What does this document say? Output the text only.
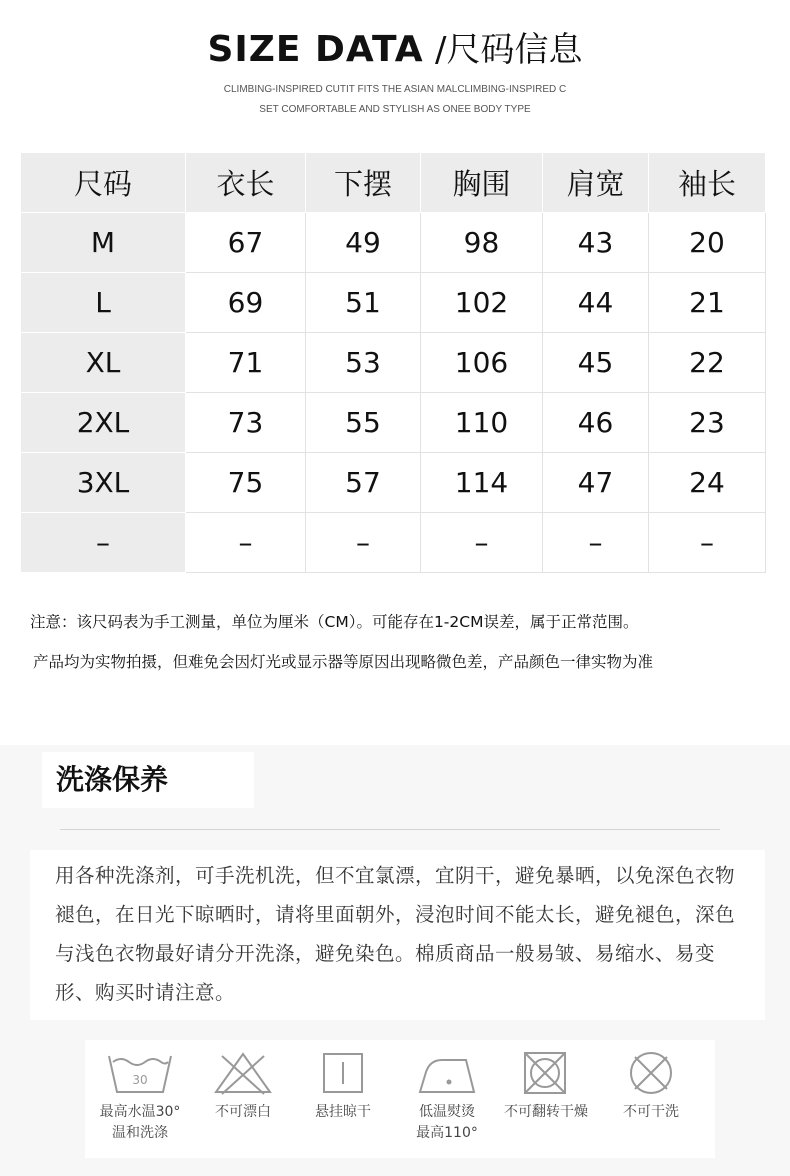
SIZE DATA /尺码信息
CLIMBING-INSPIRED CUTIT FITS THE ASIAN MALCLIMBING-INSPIRED C
SET COMFORTABLE AND STYLISH AS ONEE BODY TYPE
尺码	衣长	下摆	胸围	肩宽	袖长
M	67	49	98	43	20
L	69	51	102	44	21
XL	71	53	106	45	22
2XL	73	55	110	46	23
3XL	75	57	114	47	24
–	–	–	–	–	–
注意：该尺码表为手工测量，单位为厘米（CM）。可能存在1-2CM误差，属于正常范围。
产品均为实物拍摄，但难免会因灯光或显示器等原因出现略微色差，产品颜色一律实物为准
洗涤保养
用各种洗涤剂，可手洗机洗，但不宜氯漂，宜阴干，避免暴晒，以免深色衣物褪色，在日光下晾晒时，请将里面朝外，浸泡时间不能太长，避免褪色，深色与浅色衣物最好请分开洗涤，避免染色。棉质商品一般易皱、易缩水、易变形、购买时请注意。
30
最高水温30°
温和洗涤
不可漂白	悬挂晾干	低温熨烫
最高110°
不可翻转干燥	不可干洗
